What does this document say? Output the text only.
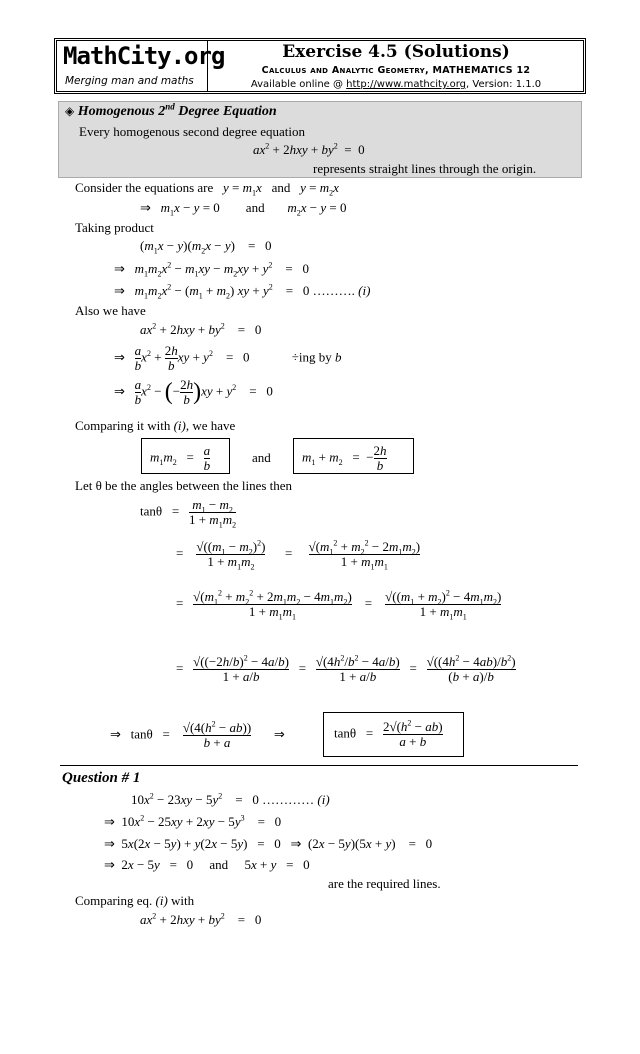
MathCity.org
Merging man and maths
Exercise 4.5 (Solutions)
Calculus and Analytic Geometry, MATHEMATICS 12
Available online @ http://www.mathcity.org, Version: 1.1.0
◈ Homogenous 2nd Degree Equation
Every homogenous second degree equation
$ax^2 + 2hxy + by^2 = 0$
represents straight lines through the origin.
Consider the equations are $y = m_1x$ and $y = m_2x$
⇒   $m_1x - y = 0$        and $m_2x - y = 0$
Taking product
$(m_1x - y)(m_2x - y)$    =   0
⇒   $m_1m_2x^2 - m_1xy - m_2xy + y^2$    =   0
⇒   $m_1m_2x^2 - (m_1 + m_2)$ xy + $y^2$    =   0 ………. (i)
Also we have
$ax^2 + 2hxy + by^2$    =   0
⇒ $\frac{a}{b} x^2 + \frac{2h}{b}$ xy + $y^2$    =   0             ÷ing by b
⇒ $\frac{a}{b} x^2$ − (− $\frac{2h}{b} )xy + y^2$    =   0
Comparing it with (i), we have
$m_1m_2 = \frac{a}{b}$	and $m_1 + m_2$   =  − $\frac{2h}{b}$
Let θ be the angles between the lines then
$\tan\theta = \frac{m_1 - m_2}{1 + m_1m_2}$
= $\frac{√((m_1 - m_2)^2)}{1 + m_1m_2} = \frac{√(m_1^2 + m_2^2 - 2m_1m_2)}{1 + m_1m_1}$
= $\frac{√(m_1^2 + m_2^2 + 2m_1m_2 - 4m_1m_2)}{1 + m_1m_1} = \frac{√((m_1 + m_2)^2 - 4m_1m_2)}{1 + m_1m_1}$
= $\frac{√((-2h/b)^2 - 4a/b)}{1 + a/b} = \frac{√(4h^2/b^2 - 4a/b)}{1 + a/b} = \frac{√((4h^2 - 4ab)/b^2)}{(b + a)/b}$
⇒   $\tan\theta = \frac{√(4(h^2 - ab))}{b + a}$ ⇒	$\tan\theta = \frac{2√(h^2 - ab)}{a + b}$
Question # 1
$10x^2 - 23xy - 5y^2$    =   0 ………… (i)
⇒  $10x^2 - 25xy + 2xy - 5y^3$    =   0
⇒  5x(2x − 5y) + y(2x − 5y)   =   0   ⇒  (2x − 5y)(5x + y)    =   0
⇒  2x − 5y   =   0     and     5x + y   =   0
are the required lines.
Comparing eq. (i) with
$ax^2 + 2hxy + by^2$    =   0
